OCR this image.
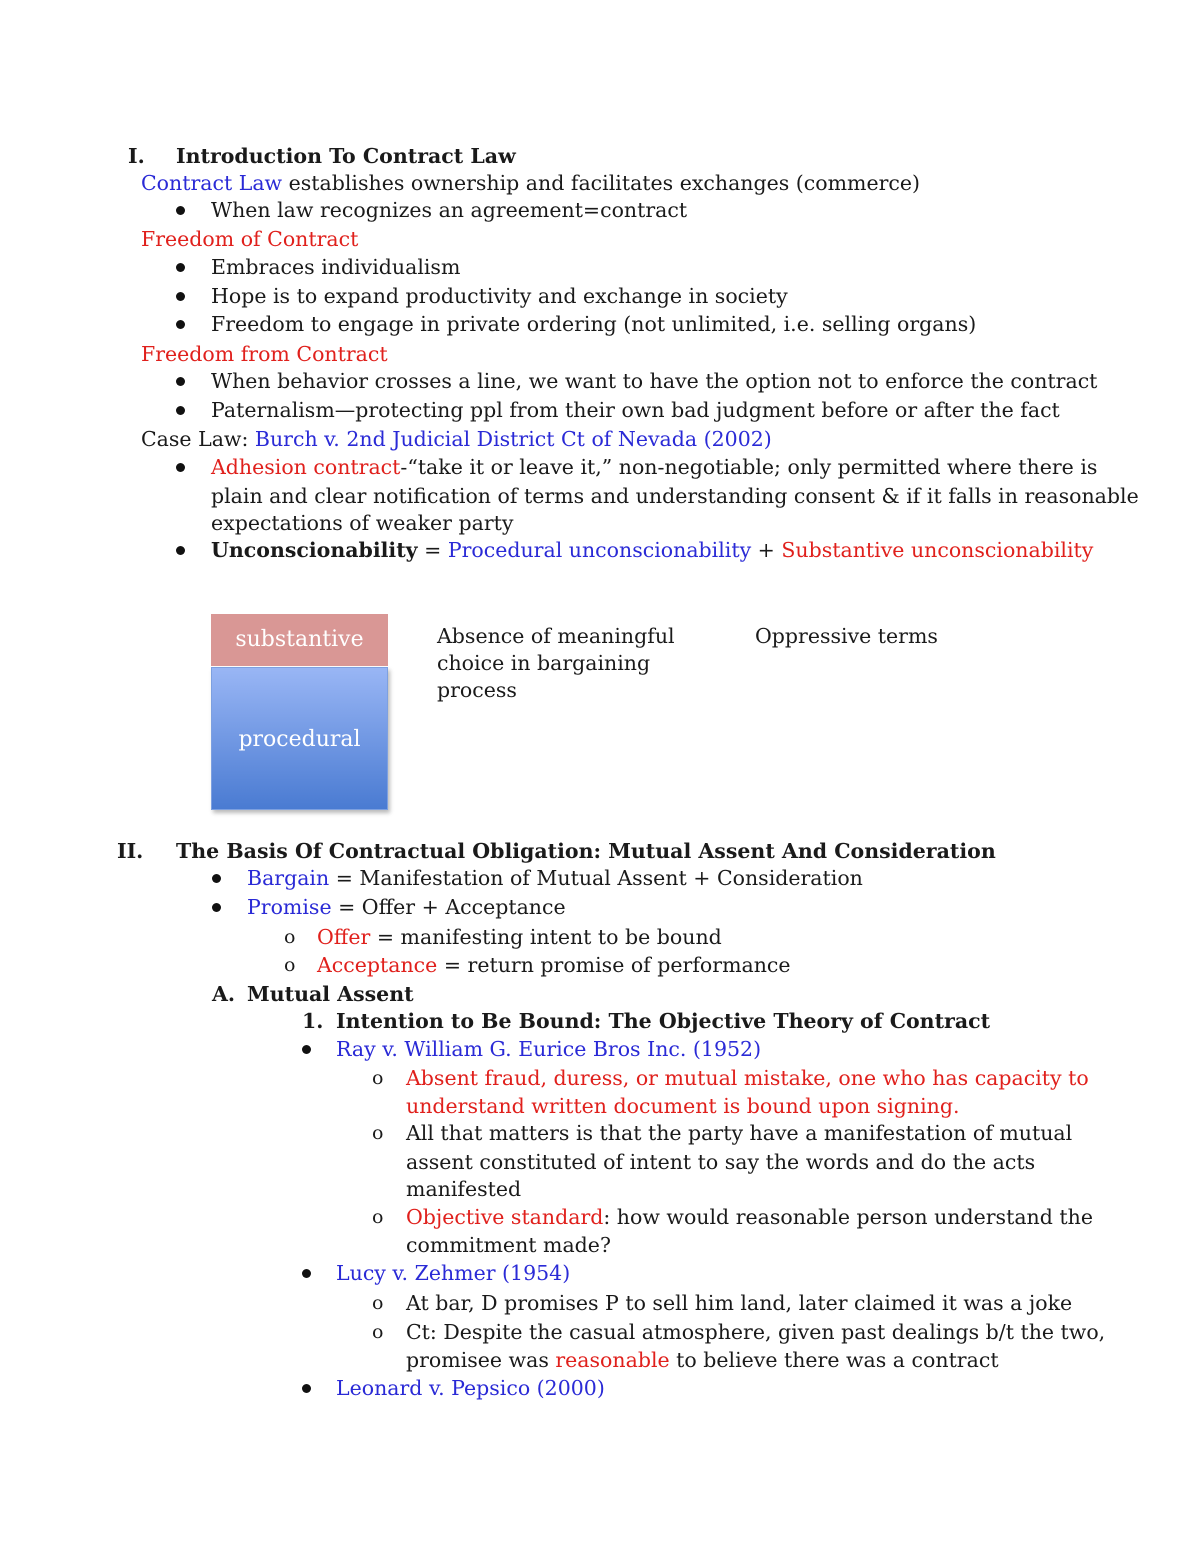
I. Introduction To Contract Law
Contract Law establishes ownership and facilitates exchanges (commerce)
When law recognizes an agreement=contract
Freedom of Contract
Embraces individualism
Hope is to expand productivity and exchange in society
Freedom to engage in private ordering (not unlimited, i.e. selling organs)
Freedom from Contract
When behavior crosses a line, we want to have the option not to enforce the contract
Paternalism—protecting ppl from their own bad judgment before or after the fact
Case Law: Burch v. 2nd Judicial District Ct of Nevada (2002)
Adhesion contract-“take it or leave it,” non-negotiable; only permitted where there is
plain and clear notification of terms and understanding consent & if it falls in reasonable
expectations of weaker party
Unconscionability = Procedural unconscionability + Substantive unconscionability
substantive
procedural
Absence of meaningful
choice in bargaining
process
Oppressive terms
II. The Basis Of Contractual Obligation: Mutual Assent And Consideration
Bargain = Manifestation of Mutual Assent + Consideration
Promise = Offer + Acceptance
o Offer = manifesting intent to be bound
o Acceptance = return promise of performance
A. Mutual Assent
1. Intention to Be Bound: The Objective Theory of Contract
Ray v. William G. Eurice Bros Inc. (1952)
o Absent fraud, duress, or mutual mistake, one who has capacity to
understand written document is bound upon signing.
o All that matters is that the party have a manifestation of mutual
assent constituted of intent to say the words and do the acts
manifested
o Objective standard: how would reasonable person understand the
commitment made?
Lucy v. Zehmer (1954)
o At bar, D promises P to sell him land, later claimed it was a joke
o Ct: Despite the casual atmosphere, given past dealings b/t the two,
promisee was reasonable to believe there was a contract
Leonard v. Pepsico (2000)
